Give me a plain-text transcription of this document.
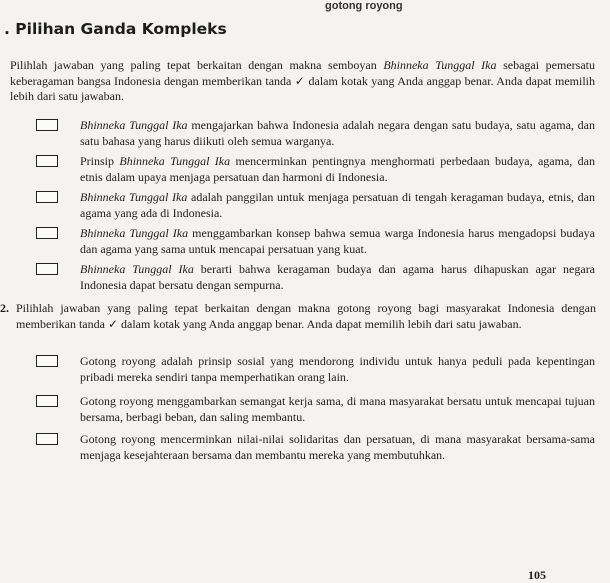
gotong royong
. Pilihan Ganda Kompleks

Pilihlah jawaban yang paling tepat berkaitan dengan makna semboyan Bhinneka Tunggal Ika sebagai pemersatu keberagaman bangsa Indonesia dengan memberikan tanda ✓ dalam kotak yang Anda anggap benar. Anda dapat memilih lebih dari satu jawaban.

Bhinneka Tunggal Ika mengajarkan bahwa Indonesia adalah negara dengan satu budaya, satu agama, dan satu bahasa yang harus diikuti oleh semua warganya.
Prinsip Bhinneka Tunggal Ika mencerminkan pentingnya menghormati perbedaan budaya, agama, dan etnis dalam upaya menjaga persatuan dan harmoni di Indonesia.
Bhinneka Tunggal Ika adalah panggilan untuk menjaga persatuan di tengah keragaman budaya, etnis, dan agama yang ada di Indonesia.
Bhinneka Tunggal Ika menggambarkan konsep bahwa semua warga Indonesia harus mengadopsi budaya dan agama yang sama untuk mencapai persatuan yang kuat.
Bhinneka Tunggal Ika berarti bahwa keragaman budaya dan agama harus dihapuskan agar negara Indonesia dapat bersatu dengan sempurna.
2. Pilihlah jawaban yang paling tepat berkaitan dengan makna gotong royong bagi masyarakat Indonesia dengan memberikan tanda ✓ dalam kotak yang Anda anggap benar. Anda dapat memilih lebih dari satu jawaban.

Gotong royong adalah prinsip sosial yang mendorong individu untuk hanya peduli pada kepentingan pribadi mereka sendiri tanpa memperhatikan orang lain.
Gotong royong menggambarkan semangat kerja sama, di mana masyarakat bersatu untuk mencapai tujuan bersama, berbagi beban, dan saling membantu.
Gotong royong mencerminkan nilai-nilai solidaritas dan persatuan, di mana masyarakat bersama-sama menjaga kesejahteraan bersama dan membantu mereka yang membutuhkan.
105
